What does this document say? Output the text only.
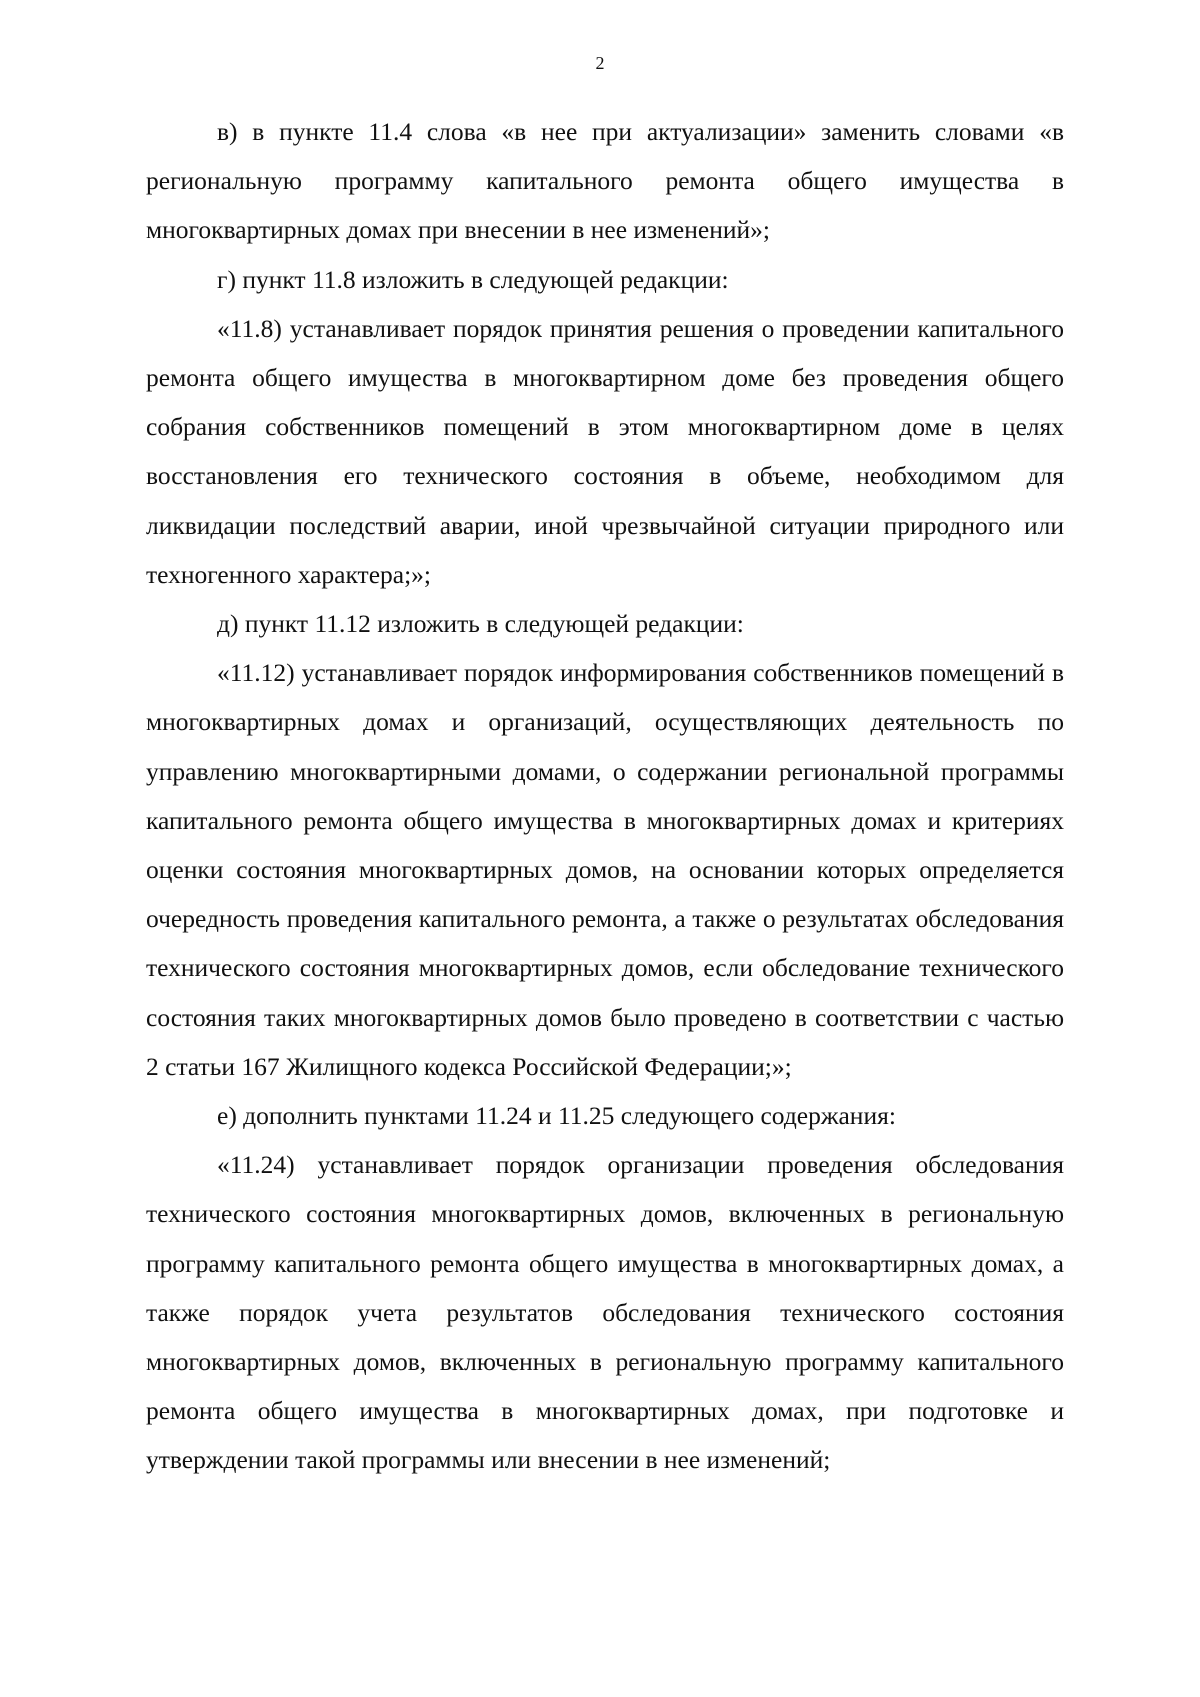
2

в) в пункте 11.4 слова «в нее при актуализации» заменить словами «в региональную программу капитального ремонта общего имущества в многоквартирных домах при внесении в нее изменений»;

г) пункт 11.8 изложить в следующей редакции:

«11.8) устанавливает порядок принятия решения о проведении капитального ремонта общего имущества в многоквартирном доме без проведения общего собрания собственников помещений в этом многоквартирном доме в целях восстановления его технического состояния в объеме, необходимом для ликвидации последствий аварии, иной чрезвычайной ситуации природного или техногенного характера;»;

д) пункт 11.12 изложить в следующей редакции:

«11.12) устанавливает порядок информирования собственников помещений в многоквартирных домах и организаций, осуществляющих деятельность по управлению многоквартирными домами, о содержании региональной программы капитального ремонта общего имущества в многоквартирных домах и критериях оценки состояния многоквартирных домов, на основании которых определяется очередность проведения капитального ремонта, а также о результатах обследования технического состояния многоквартирных домов, если обследование технического состояния таких многоквартирных домов было проведено в соответствии с частью 2 статьи 167 Жилищного кодекса Российской Федерации;»;

е) дополнить пунктами 11.24 и 11.25 следующего содержания:

«11.24) устанавливает порядок организации проведения обследования технического состояния многоквартирных домов, включенных в региональную программу капитального ремонта общего имущества в многоквартирных домах, а также порядок учета результатов обследования технического состояния многоквартирных домов, включенных в региональную программу капитального ремонта общего имущества в многоквартирных домах, при подготовке и утверждении такой программы или внесении в нее изменений;
